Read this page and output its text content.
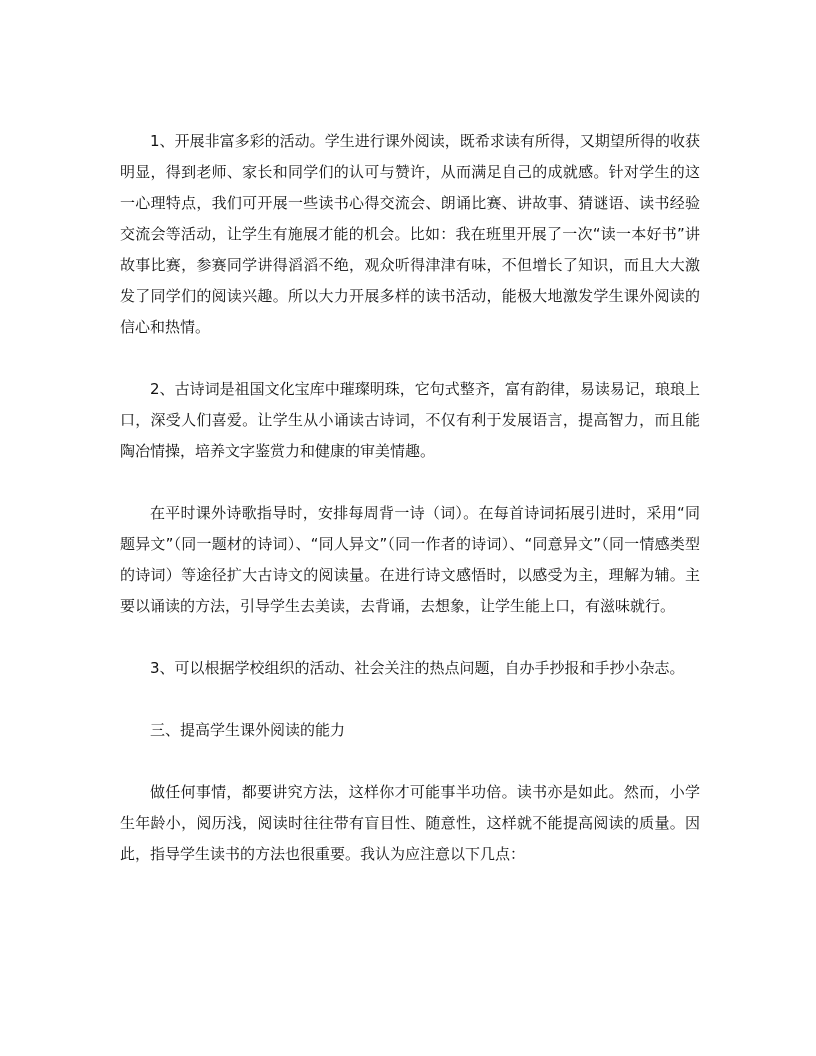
1、开展非富多彩的活动。学生进行课外阅读，既希求读有所得，又期望所得的收获明显，得到老师、家长和同学们的认可与赞许，从而满足自己的成就感。针对学生的这一心理特点，我们可开展一些读书心得交流会、朗诵比赛、讲故事、猜谜语、读书经验交流会等活动，让学生有施展才能的机会。比如：我在班里开展了一次“读一本好书”讲故事比赛，参赛同学讲得滔滔不绝，观众听得津津有味，不但增长了知识，而且大大激发了同学们的阅读兴趣。所以大力开展多样的读书活动，能极大地激发学生课外阅读的信心和热情。

2、古诗词是祖国文化宝库中璀璨明珠，它句式整齐，富有韵律，易读易记，琅琅上口，深受人们喜爱。让学生从小诵读古诗词，不仅有利于发展语言，提高智力，而且能陶冶情操，培养文字鉴赏力和健康的审美情趣。

在平时课外诗歌指导时，安排每周背一诗（词）。在每首诗词拓展引进时，采用“同题异文”（同一题材的诗词）、“同人异文”（同一作者的诗词）、“同意异文”（同一情感类型的诗词）等途径扩大古诗文的阅读量。在进行诗文感悟时，以感受为主，理解为辅。主要以诵读的方法，引导学生去美读，去背诵，去想象，让学生能上口，有滋味就行。

3、可以根据学校组织的活动、社会关注的热点问题，自办手抄报和手抄小杂志。

三、提高学生课外阅读的能力

做任何事情，都要讲究方法，这样你才可能事半功倍。读书亦是如此。然而，小学生年龄小，阅历浅，阅读时往往带有盲目性、随意性，这样就不能提高阅读的质量。因此，指导学生读书的方法也很重要。我认为应注意以下几点：
